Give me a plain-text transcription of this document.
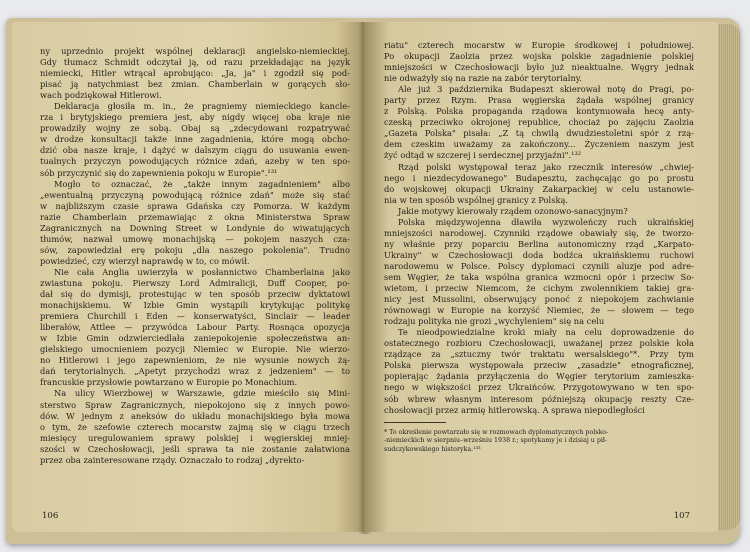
ny uprzednio projekt wspólnej deklaracji angielsko-niemieckiej.
Gdy tłumacz Schmidt odczytał ją, od razu przekładając na język
niemiecki, Hitler wtrącał aprobująco: „Ja, ja" i zgodził się pod-
pisać ją natychmiast bez zmian. Chamberlain w gorących sło-
wach podziękował Hitlerowi.
Deklaracja głosiła m. in., że pragniemy niemieckiego kancle-
rza i brytyjskiego premiera jest, aby nigdy więcej oba kraje nie
prowadziły wojny ze sobą. Obaj są „zdecydowani rozpatrywać
w drodze konsultacji także inne zagadnienia, które mogą obcho-
dzić oba nasze kraje, i dążyć w dalszym ciągu do usuwania ewen-
tualnych przyczyn powodujących różnice zdań, azeby w ten spo-
sób przyczynić się do zapewnienia pokoju w Europie".¹³¹
Mogło to oznaczać, że „także innym zagadnieniem" albo
„ewentualną przyczyną powodującą różnice zdań" może się stać
w najbliższym czasie sprawa Gdańska czy Pomorza. W każdym
razie Chamberlain przemawiając z okna Ministerstwa Spraw
Zagranicznych na Downing Street w Londynie do wiwatujących
tłumów, nazwał umowę monachijską — pokojem naszych cza-
sów, zapowiedział erę pokoju „dla naszego pokolenia". Trudno
powiedzieć, czy wierzył naprawdę w to, co mówił.
Nie cała Anglia uwierzyła w posłannictwo Chamberlaina jako
zwiastuna pokoju. Pierwszy Lord Admiralicji, Duff Cooper, po-
dał się do dymisji, protestując w ten sposób przeciw dyktatowi
monachijskiemu. W Izbie Gmin wystąpili krytykując politykę
premiera Churchill i Eden — konserwatyści, Sinclair — leader
liberałów, Attlee — przywódca Labour Party. Rosnąca opozycja
w Izbie Gmin odzwierciedlała zaniepokojenie społeczeństwa an-
gielskiego umocnieniem pozycji Niemiec w Europie. Nie wierzo-
no Hitlerowi i jego zapewnieniom, że nie wysunie nowych żą-
dań terytorialnych. „Apetyt przychodzi wraz z jedzeniem" — to
francuskie przysłowie powtarzano w Europie po Monachium.
Na ulicy Wierzbowej w Warszawie, gdzie mieściło się Mini-
sterstwo Spraw Zagranicznych, niepokojono się z innych powo-
dów. W jednym z aneksów do układu monachijskiego była mowa
o tym, że szefowie czterech mocarstw zajmą się w ciągu trzech
miesięcy uregulowaniem sprawy polskiej i węgierskiej mniej-
szości w Czechosłowacji, jeśli sprawa ta nie zostanie załatwiona
przez oba zainteresowane rządy. Oznaczało to rodzaj „dyrekto-
106
riatu" czterech mocarstw w Europie środkowej i południowej.
Po okupacji Zaolzia przez wojska polskie zagadnienie polskiej
mniejszości w Czechosłowacji było już nieaktualne. Węgry jednak
nie odważyły się na razie na zabór terytorialny.
Ale już 3 października Budapeszt skierował notę do Pragi, po-
party przez Rzym. Prasa węgierska żądała wspólnej granicy
z Polską. Polska propaganda rządowa kontynuowała hecę anty-
czeską przeciwko okrojonej republice, chociaż po zajęciu Zaolzia
„Gazeta Polska" pisała: „Z tą chwilą dwudziestoletni spór z rzą-
dem czeskim uważamy za zakończony... Życzeniem naszym jest
żyć odtąd w szczerej i serdecznej przyjaźni".¹³²
Rząd polski występował teraz jako rzecznik interesów „chwiej-
nego i niezdecydowanego" Budapesztu, zachęcając go po prostu
do wojskowej okupacji Ukrainy Zakarpackiej w celu ustanowie-
nia w ten sposób wspólnej granicy z Polską.
Jakie motywy kierowały rządem ozonowo-sanacyjnym?
Polska międzywojenna dławiła wyzwoleńczy ruch ukraińskiej
mniejszości narodowej. Czynniki rządowe obawiały się, że tworzo-
ny właśnie przy poparciu Berlina autonomiczny rząd „Karpato-
Ukrainy" w Czechosłowacji doda bodźca ukraińskiemu ruchowi
narodowemu w Polsce. Polscy dyplomaci czynili aluzje pod adre-
sem Węgier, że taka wspólna granica wzmocni opór i przeciw So-
wietom, i przeciw Niemcom, że cichym zwolennikiem takiej gra-
nicy jest Mussolini, obserwujący ponoć z niepokojem zachwianie
równowagi w Europie na korzyść Niemiec, że — słowem — tego
rodzaju polityka nie grozi „wychyleniem" się na celu
Te nieodpowiedzialne kroki miały na celu doprowadzenie do
ostatecznego rozbioru Czechosłowacji, uważanej przez polskie koła
rządzące za „sztuczny twór traktatu wersalskiego"*. Przy tym
Polska pierwsza występowała przeciw „zasadzie" etnograficznej,
popierając żądania przyłączenia do Węgier terytorium zamieszka-
nego w większości przez Ukraińców. Przygotowywano w ten spo-
sób wbrew własnym interesom późniejszą okupację reszty Cze-
chosłowacji przez armię hitlerowską. A sprawa niepodległości
* To określenie powtarzało się w rozmowach dyplomatycznych polsko-
-niemieckich w sierpniu–wrześniu 1938 r.; spotykamy je i dzisiaj u pił-
sudczykowskiego historyka.¹³³
107
